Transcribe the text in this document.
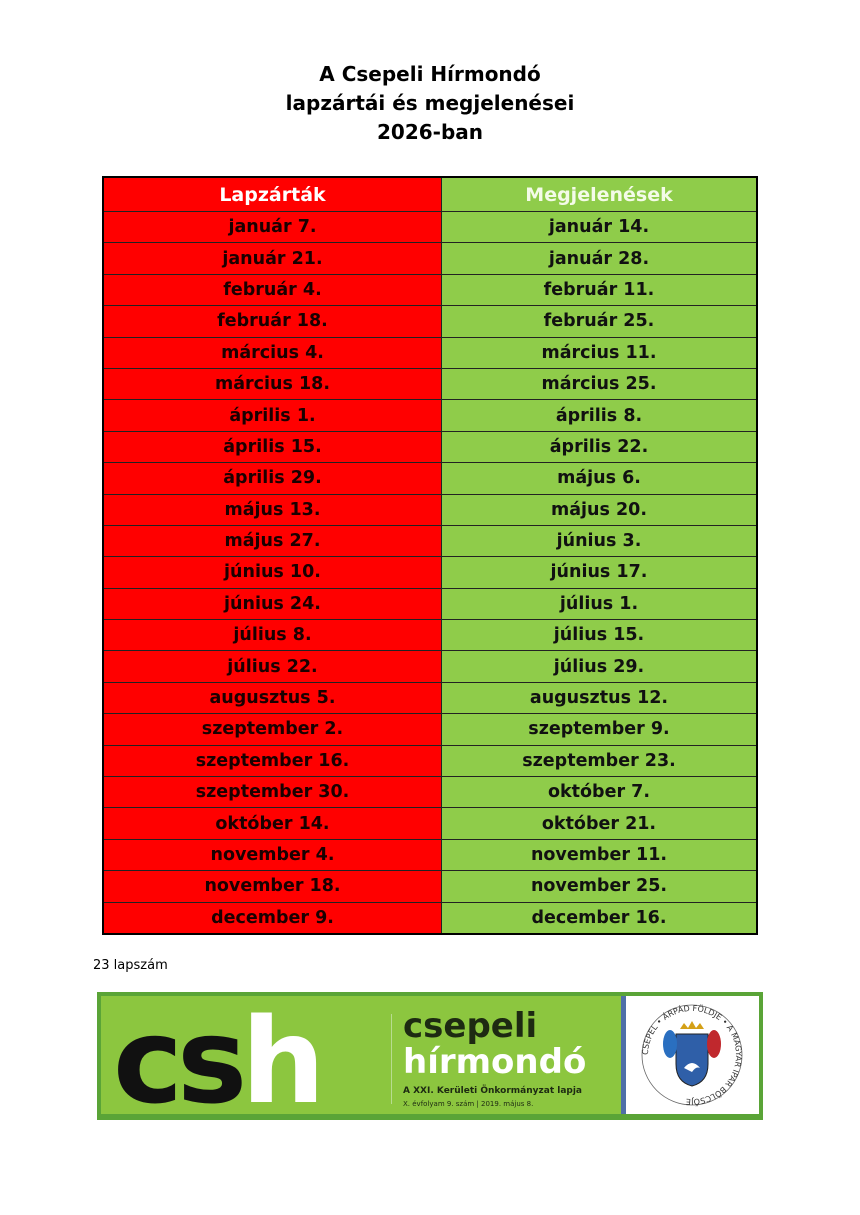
A Csepeli Hírmondó
lapzártái és megjelenései
2026-ban
Lapzárták	Megjelenések
január 7.	január 14.
január 21.	január 28.
február 4.	február 11.
február 18.	február 25.
március 4.	március 11.
március 18.	március 25.
április 1.	április 8.
április 15.	április 22.
április 29.	május 6.
május 13.	május 20.
május 27.	június 3.
június 10.	június 17.
június 24.	július 1.
július 8.	július 15.
július 22.	július 29.
augusztus 5.	augusztus 12.
szeptember 2.	szeptember 9.
szeptember 16.	szeptember 23.
szeptember 30.	október 7.
október 14.	október 21.
november 4.	november 11.
november 18.	november 25.
december 9.	december 16.
23 lapszám
csh csepeli
hírmondó
A XXI. Kerületi Önkormányzat lapja
X. évfolyam 9. szám | 2019. május 8.
CSEPEL • ÁRPÁD FÖLDJE • A MAGYAR IPAR BÖLCSŐJE
